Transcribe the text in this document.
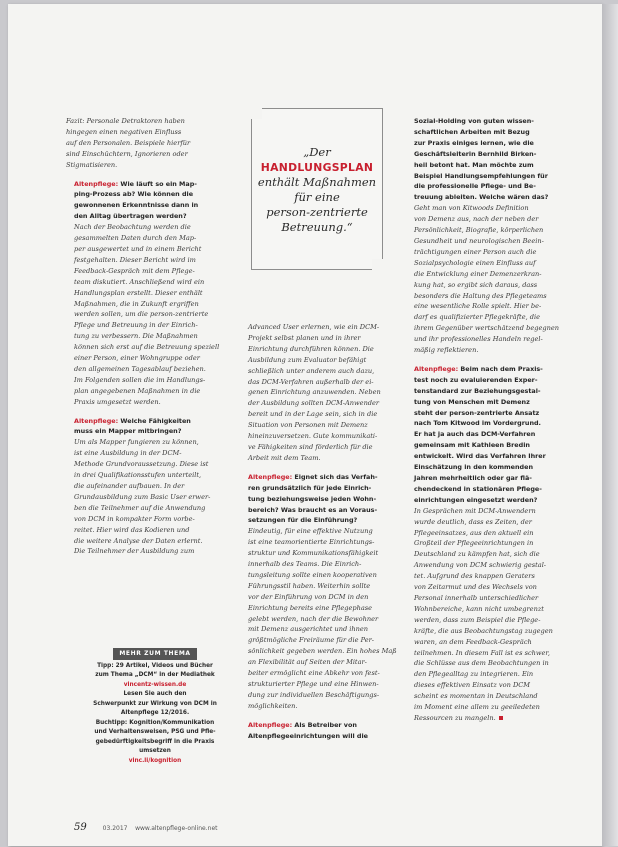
Fazit: Personale Detraktoren haben
hingegen einen negativen Einfluss
auf den Personalen. Beispiele hierfür
sind Einschüchtern, Ignorieren oder
Stigmatisieren.
Altenpflege: Wie läuft so ein Map-
ping-Prozess ab? Wie können die
gewonnenen Erkenntnisse dann in
den Alltag übertragen werden?
Nach der Beobachtung werden die
gesammelten Daten durch den Map-
per ausgewertet und in einem Bericht
festgehalten. Dieser Bericht wird im
Feedback-Gespräch mit dem Pflege-
team diskutiert. Anschließend wird ein
Handlungsplan erstellt. Dieser enthält
Maßnahmen, die in Zukunft ergriffen
werden sollen, um die person-zentrierte
Pflege und Betreuung in der Einrich-
tung zu verbessern. Die Maßnahmen
können sich erst auf die Betreuung speziell
einer Person, einer Wohngruppe oder
den allgemeinen Tagesablauf beziehen.
Im Folgenden sollen die im Handlungs-
plan angegebenen Maßnahmen in die
Praxis umgesetzt werden.
Altenpflege: Welche Fähigkeiten
muss ein Mapper mitbringen?
Um als Mapper fungieren zu können,
ist eine Ausbildung in der DCM-
Methode Grundvoraussetzung. Diese ist
in drei Qualifikationsstufen unterteilt,
die aufeinander aufbauen. In der
Grundausbildung zum Basic User erwer-
ben die Teilnehmer auf die Anwendung
von DCM in kompakter Form vorbe-
reitet. Hier wird das Kodieren und
die weitere Analyse der Daten erlernt.
Die Teilnehmer der Ausbildung zum
„Der
HANDLUNGSPLAN
enthält Maßnahmen
für eine
person-zentrierte
Betreuung.“
Advanced User erlernen, wie ein DCM-
Projekt selbst planen und in ihrer
Einrichtung durchführen können. Die
Ausbildung zum Evaluator befähigt
schließlich unter anderem auch dazu,
das DCM-Verfahren außerhalb der ei-
genen Einrichtung anzuwenden. Neben
der Ausbildung sollten DCM-Anwender
bereit und in der Lage sein, sich in die
Situation von Personen mit Demenz
hineinzuversetzen. Gute kommunikati-
ve Fähigkeiten sind förderlich für die
Arbeit mit dem Team.
Altenpflege: Eignet sich das Verfah-
ren grundsätzlich für jede Einrich-
tung beziehungsweise jeden Wohn-
bereich? Was braucht es an Voraus-
setzungen für die Einführung?
Eindeutig, für eine effektive Nutzung
ist eine teamorientierte Einrichtungs-
struktur und Kommunikationsfähigkeit
innerhalb des Teams. Die Einrich-
tungsleitung sollte einen kooperativen
Führungsstil haben. Weiterhin sollte
vor der Einführung von DCM in den
Einrichtung bereits eine Pflegephase
gelebt werden, nach der die Bewohner
mit Demenz ausgerichtet und ihnen
größtmögliche Freiräume für die Per-
sönlichkeit gegeben werden. Ein hohes Maß
an Flexibilität auf Seiten der Mitar-
beiter ermöglicht eine Abkehr von fest-
strukturierter Pflege und eine Hinwen-
dung zur individuellen Beschäftigungs-
möglichkeiten.
Altenpflege: Als Betreiber von
Altenpflegeeinrichtungen will die
Sozial-Holding von guten wissen-
schaftlichen Arbeiten mit Bezug
zur Praxis einiges lernen, wie die
Geschäftsleiterin Bernhild Birken-
heil betont hat. Man möchte zum
Beispiel Handlungsempfehlungen für
die professionelle Pflege- und Be-
treuung ableiten. Welche wären das?
Geht man von Kitwoods Definition
von Demenz aus, nach der neben der
Persönlichkeit, Biografie, körperlichen
Gesundheit und neurologischen Beein-
trächtigungen einer Person auch die
Sozialpsychologie einen Einfluss auf
die Entwicklung einer Demenzerkran-
kung hat, so ergibt sich daraus, dass
besonders die Haltung des Pflegeteams
eine wesentliche Rolle spielt. Hier be-
darf es qualifizierter Pflegekräfte, die
ihrem Gegenüber wertschätzend begegnen
und ihr professionelles Handeln regel-
mäßig reflektieren.
Altenpflege: Beim nach dem Praxis-
test noch zu evaluierenden Exper-
tenstandard zur Beziehungsgestal-
tung von Menschen mit Demenz
steht der person-zentrierte Ansatz
nach Tom Kitwood im Vordergrund.
Er hat ja auch das DCM-Verfahren
gemeinsam mit Kathleen Bredin
entwickelt. Wird das Verfahren Ihrer
Einschätzung in den kommenden
Jahren mehrheitlich oder gar flä-
chendeckend in stationären Pflege-
einrichtungen eingesetzt werden?
In Gesprächen mit DCM-Anwendern
wurde deutlich, dass es Zeiten, der
Pflegeeinsatzes, aus den aktuell ein
Großteil der Pflegeeinrichtungen in
Deutschland zu kämpfen hat, sich die
Anwendung von DCM schwierig gestal-
tet. Aufgrund des knappen Geraters
von Zeitarmut und des Wechsels von
Personal innerhalb unterschiedlicher
Wohnbereiche, kann nicht umbegrenzt
werden, dass zum Beispiel die Pflege-
kräfte, die aus Beobachtungstag zugegen
waren, an dem Feedback-Gespräch
teilnehmen. In diesem Fall ist es schwer,
die Schlüsse aus dem Beobachtungen in
den Pflegealltag zu integrieren. Ein
dieses effektiven Einsatz von DCM
scheint es momentan in Deutschland
im Moment eine allem zu geeiledeten
Ressourcen zu mangeln.
MEHR ZUM THEMA

Tipp: 29 Artikel, Videos und Bücher

zum Thema „DCM“ in der Mediathek

vincentz-wissen.de

Lesen Sie auch den

Schwerpunkt zur Wirkung von DCM in

Altenpflege 12/2016.

Buchtipp: Kognition/Kommunikation

und Verhaltensweisen, PSG und Pfle-

gebedürftigkeitsbegriff in die Praxis

umsetzen

vinc.li/kognition

59	03.2017 www.altenpflege-online.net
